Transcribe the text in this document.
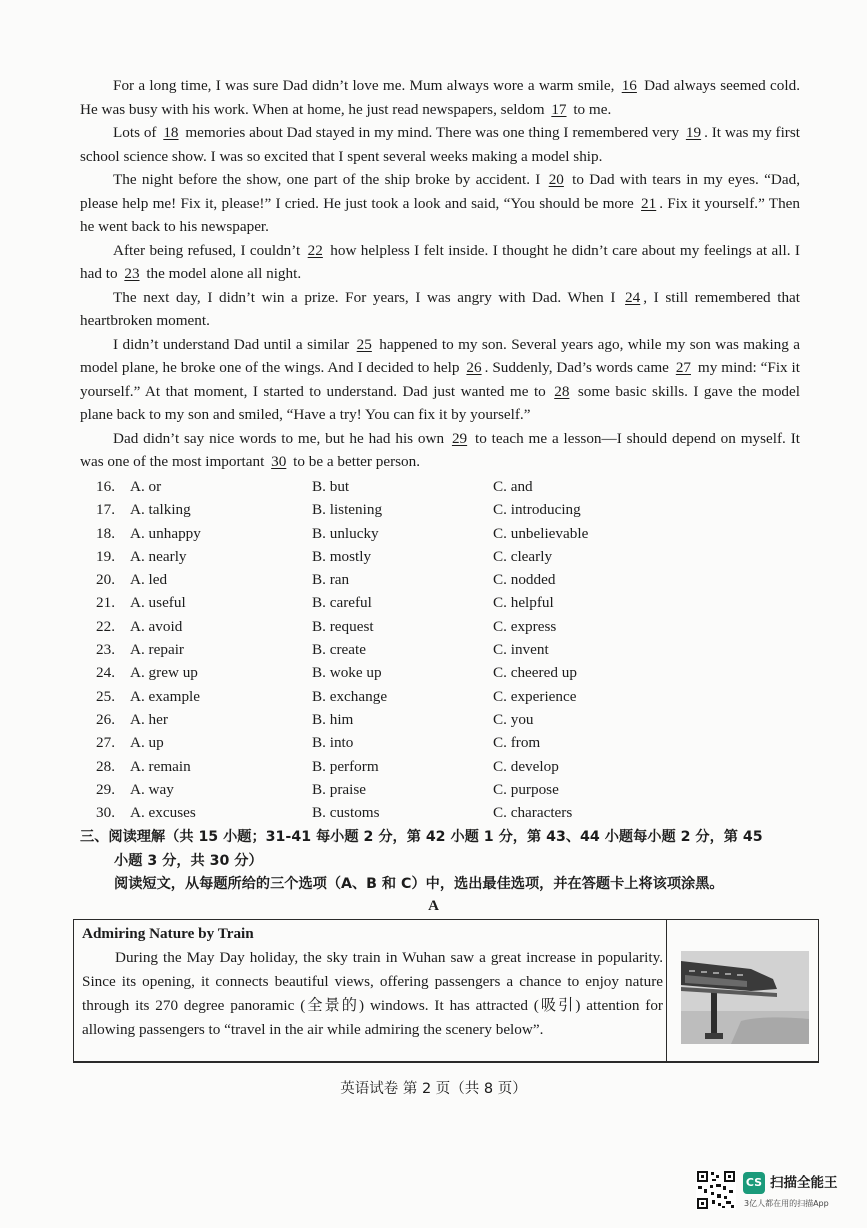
For a long time, I was sure Dad didn’t love me. Mum always wore a warm smile, 16 Dad always seemed cold. He was busy with his work. When at home, he just read newspapers, seldom 17 to me.

Lots of 18 memories about Dad stayed in my mind. There was one thing I remembered very 19 . It was my first school science show. I was so excited that I spent several weeks making a model ship.

The night before the show, one part of the ship broke by accident. I 20 to Dad with tears in my eyes. “Dad, please help me! Fix it, please!” I cried. He just took a look and said, “You should be more 21 . Fix it yourself.” Then he went back to his newspaper.

After being refused, I couldn’t 22 how helpless I felt inside. I thought he didn’t care about my feelings at all. I had to 23 the model alone all night.

The next day, I didn’t win a prize. For years, I was angry with Dad. When I 24 , I still remembered that heartbroken moment.

I didn’t understand Dad until a similar 25 happened to my son. Several years ago, while my son was making a model plane, he broke one of the wings. And I decided to help 26 . Suddenly, Dad’s words came 27 my mind: “Fix it yourself.” At that moment, I started to understand. Dad just wanted me to 28 some basic skills. I gave the model plane back to my son and smiled, “Have a try! You can fix it by yourself.”

Dad didn’t say nice words to me, but he had his own 29 to teach me a lesson—I should depend on myself. It was one of the most important 30 to be a better person.

16. A. or	B. but	C. and
17. A. talking	B. listening	C. introducing
18. A. unhappy	B. unlucky	C. unbelievable
19. A. nearly	B. mostly	C. clearly
20. A. led	B. ran	C. nodded
21. A. useful	B. careful	C. helpful
22. A. avoid	B. request	C. express
23. A. repair	B. create	C. invent
24. A. grew up	B. woke up	C. cheered up
25. A. example	B. exchange	C. experience
26. A. her	B. him	C. you
27. A. up	B. into	C. from
28. A. remain	B. perform	C. develop
29. A. way	B. praise	C. purpose
30. A. excuses	B. customs	C. characters
三、阅读理解（共 15 小题；31-41 每小题 2 分，第 42 小题 1 分，第 43、44 小题每小题 2 分，第 45
小题 3 分，共 30 分）
阅读短文，从每题所给的三个选项（A、B 和 C）中，选出最佳选项，并在答题卡上将该项涂黑。
A
Admiring Nature by Train

During the May Day holiday, the sky train in Wuhan saw a great increase in popularity. Since its opening, it connects beautiful views, offering passengers a chance to enjoy nature through its 270 degree panoramic (全景的) windows. It has attracted (吸引) attention for allowing passengers to “travel in the air while admiring the scenery below”.

英语试卷 第 2 页（共 8 页）
CS 扫描全能王
3亿人都在用的扫描App
